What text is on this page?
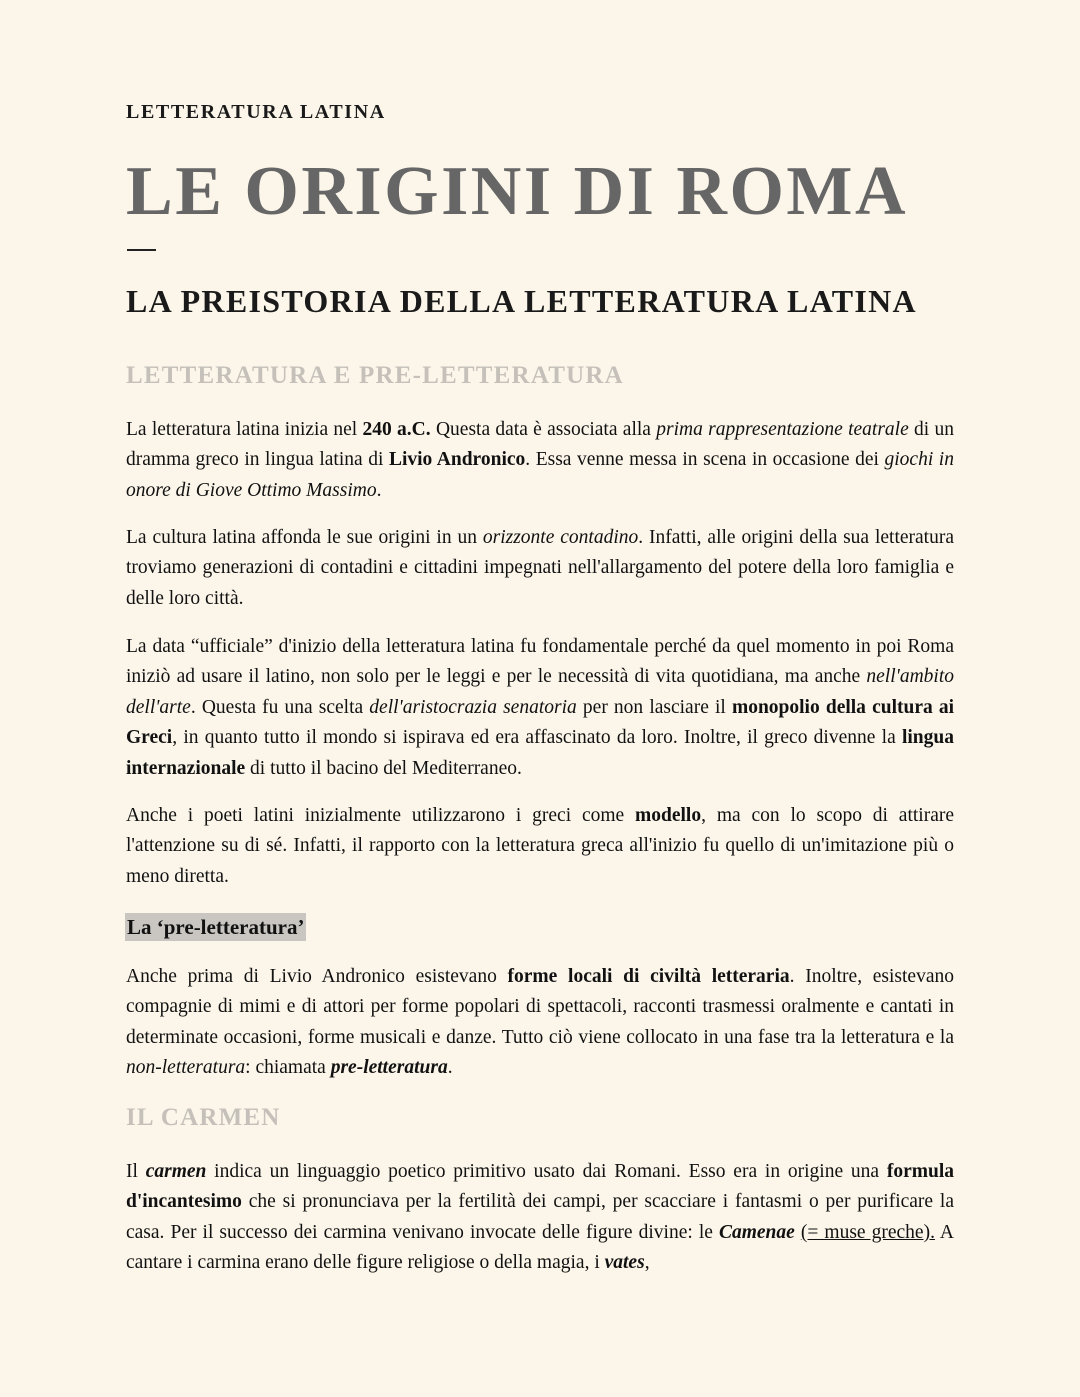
LETTERATURA LATINA
LE ORIGINI DI ROMA
LA PREISTORIA DELLA LETTERATURA LATINA
LETTERATURA E PRE-LETTERATURA

La letteratura latina inizia nel 240 a.C. Questa data è associata alla prima rappresentazione teatrale di un dramma greco in lingua latina di Livio Andronico. Essa venne messa in scena in occasione dei giochi in onore di Giove Ottimo Massimo.

La cultura latina affonda le sue origini in un orizzonte contadino. Infatti, alle origini della sua letteratura troviamo generazioni di contadini e cittadini impegnati nell'allargamento del potere della loro famiglia e delle loro città.

La data “ufficiale” d'inizio della letteratura latina fu fondamentale perché da quel momento in poi Roma iniziò ad usare il latino, non solo per le leggi e per le necessità di vita quotidiana, ma anche nell'ambito dell'arte. Questa fu una scelta dell'aristocrazia senatoria per non lasciare il monopolio della cultura ai Greci, in quanto tutto il mondo si ispirava ed era affascinato da loro. Inoltre, il greco divenne la lingua internazionale di tutto il bacino del Mediterraneo.

Anche i poeti latini inizialmente utilizzarono i greci come modello, ma con lo scopo di attirare l'attenzione su di sé. Infatti, il rapporto con la letteratura greca all'inizio fu quello di un'imitazione più o meno diretta.

La ‘pre-letteratura’

Anche prima di Livio Andronico esistevano forme locali di civiltà letteraria. Inoltre, esistevano compagnie di mimi e di attori per forme popolari di spettacoli, racconti trasmessi oralmente e cantati in determinate occasioni, forme musicali e danze. Tutto ciò viene collocato in una fase tra la letteratura e la non-letteratura: chiamata pre-letteratura.

IL CARMEN

Il carmen indica un linguaggio poetico primitivo usato dai Romani. Esso era in origine una formula d'incantesimo che si pronunciava per la fertilità dei campi, per scacciare i fantasmi o per purificare la casa. Per il successo dei carmina venivano invocate delle figure divine: le Camenae (= muse greche). A cantare i carmina erano delle figure religiose o della magia, i vates,
